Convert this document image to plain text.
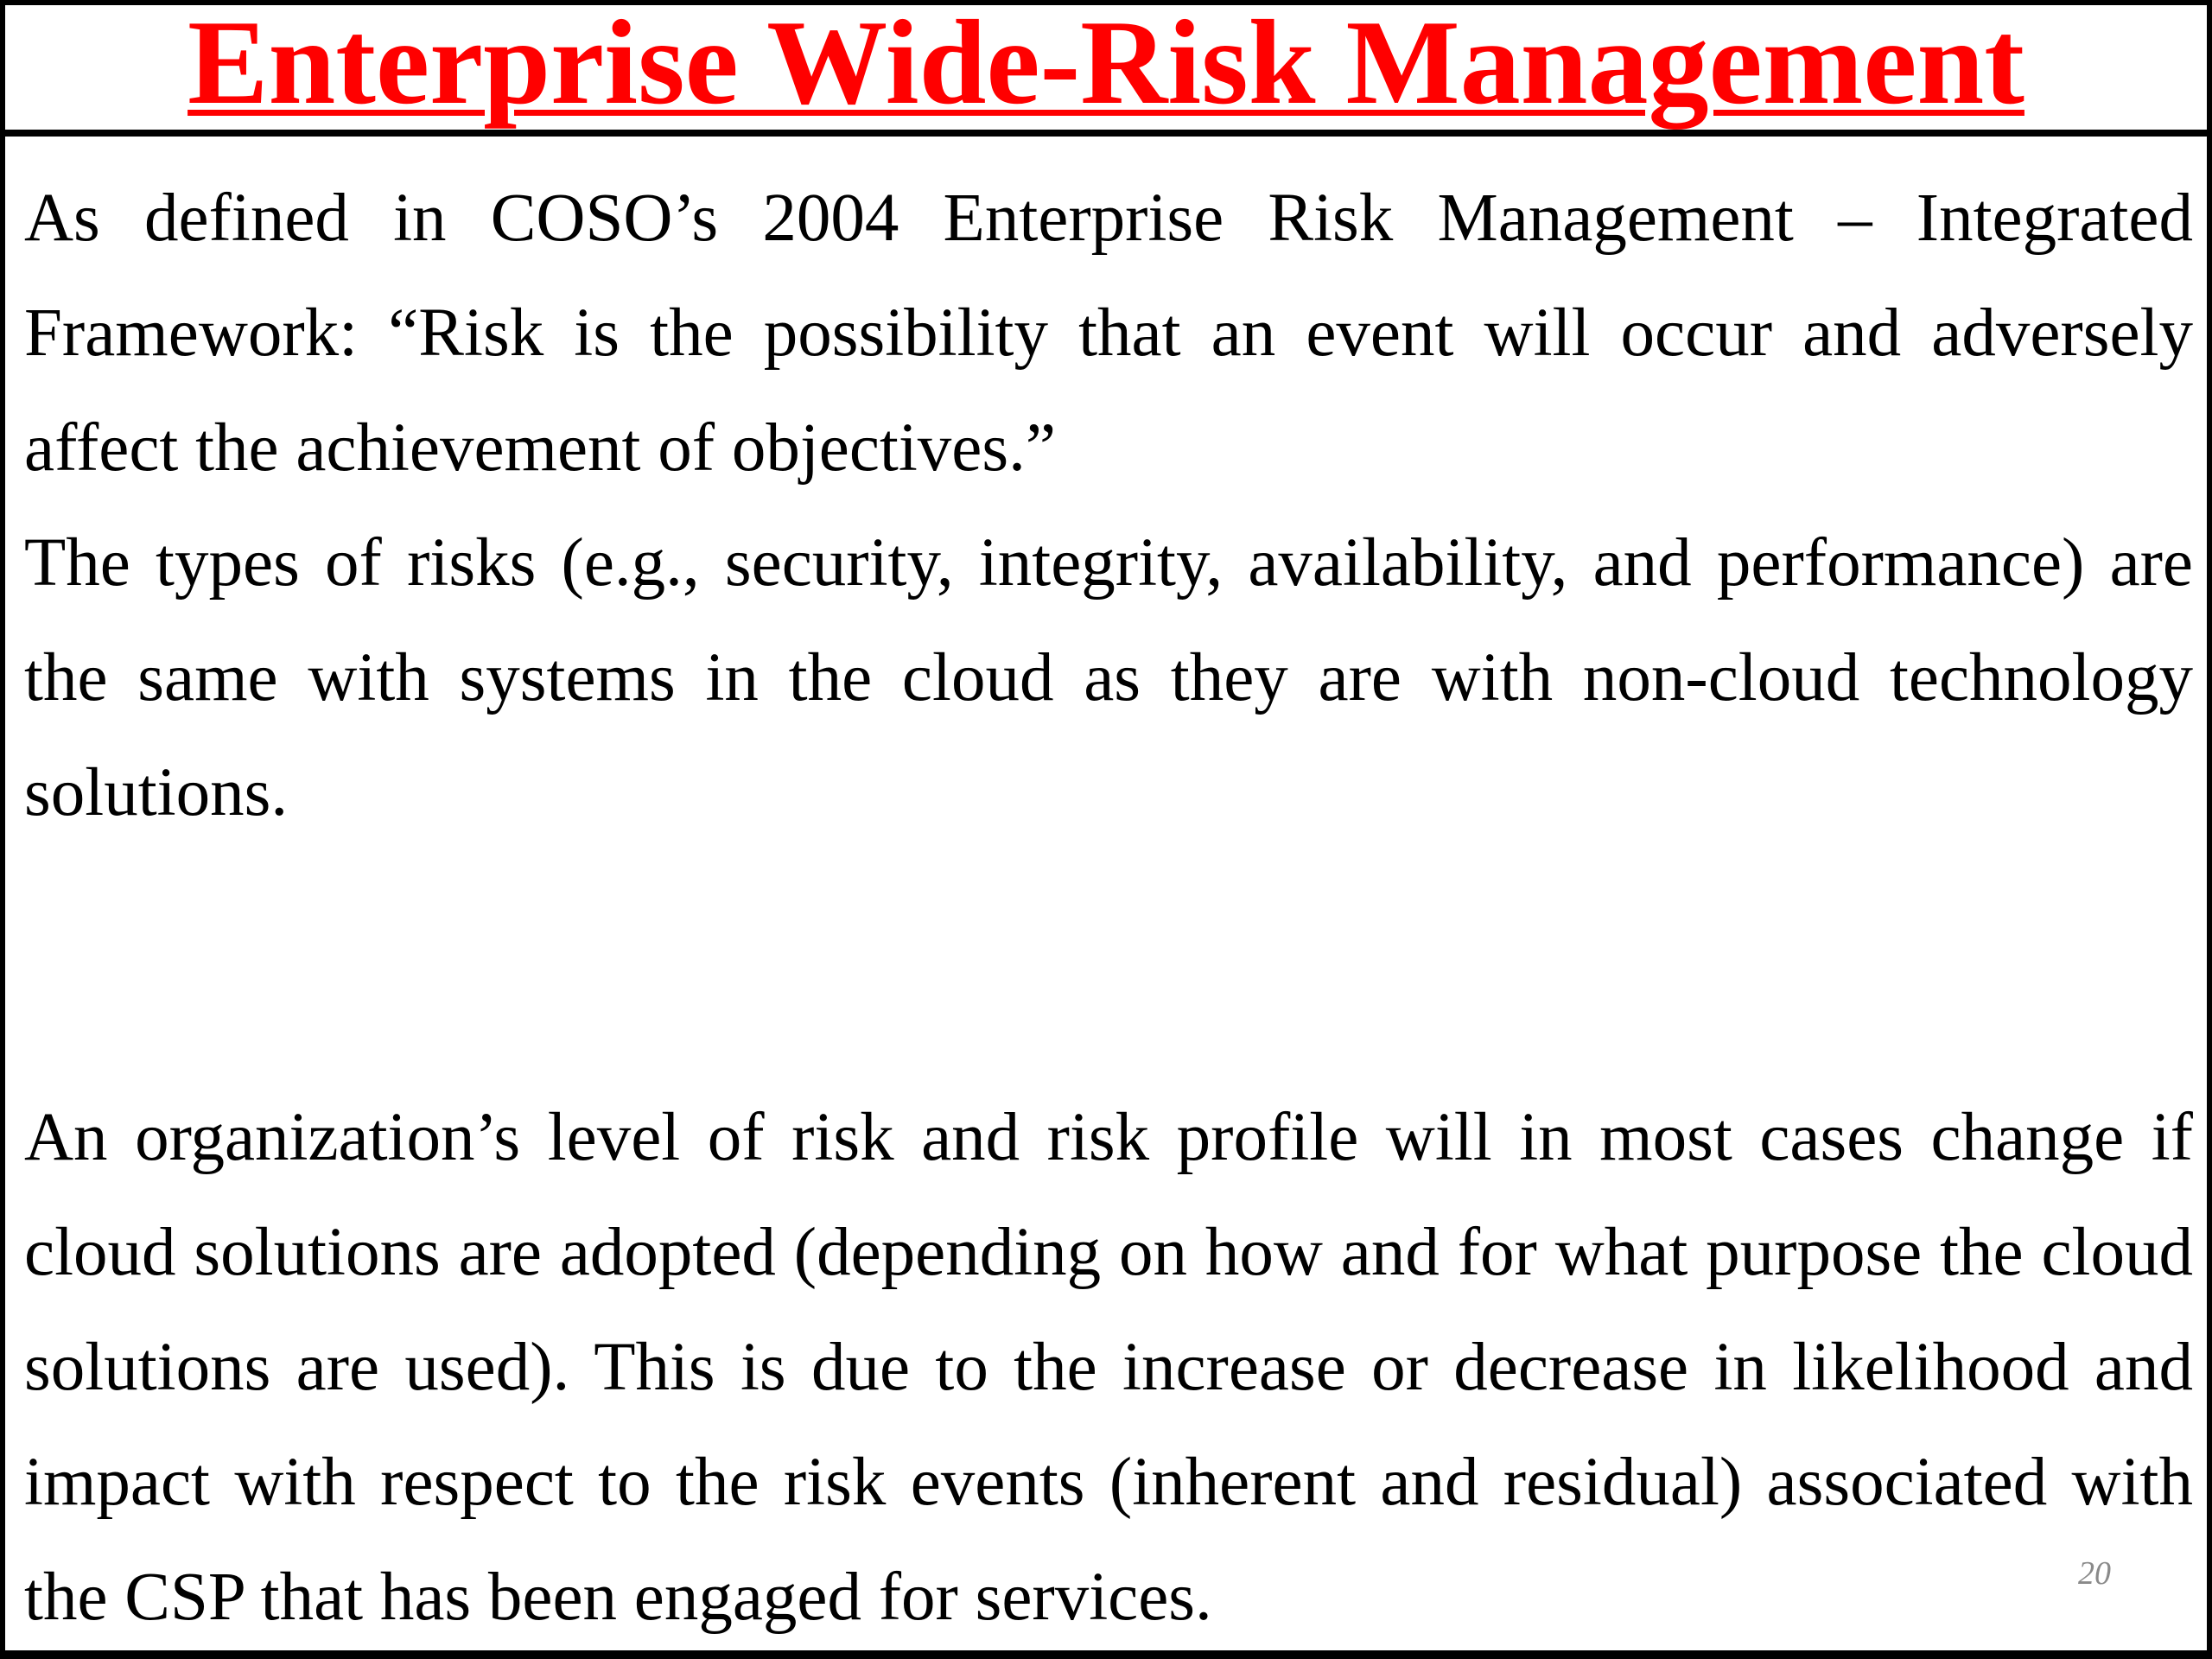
Enterprise Wide-Risk Management

As defined in COSO’s 2004 Enterprise Risk Management – Integrated Framework: “Risk is the possibility that an event will occur and adversely affect the achievement of objectives.”

The types of risks (e.g., security, integrity, availability, and performance) are the same with systems in the cloud as they are with non-cloud technology solutions.

An organization’s level of risk and risk profile will in most cases change if cloud solutions are adopted (depending on how and for what purpose the cloud solutions are used). This is due to the increase or decrease in likelihood and impact with respect to the risk events (inherent and residual) associated with the CSP that has been engaged for services.	20
